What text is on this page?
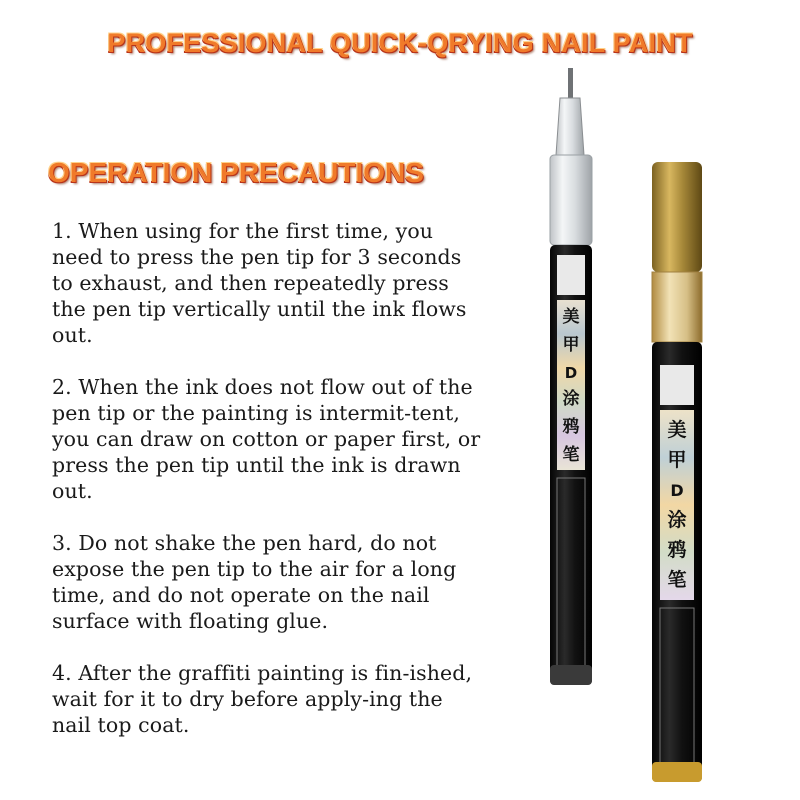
PROFESSIONAL QUICK-QRYING NAIL PAINT
OPERATION PRECAUTIONS
1. When using for the first time, you need to press the pen tip for 3 seconds to exhaust, and then repeatedly press the pen tip vertically until the ink flows out.
2. When the ink does not flow out of the pen tip or the painting is intermit-tent, you can draw on cotton or paper first, or press the pen tip until the ink is drawn out.
3. Do not shake the pen hard, do not expose the pen tip to the air for a long time, and do not operate on the nail surface with floating glue.
4. After the graffiti painting is fin-ished, wait for it to dry before apply-ing the nail top coat.
美
甲
D
涂
鸦
笔
美
甲
D
涂
鸦
笔
